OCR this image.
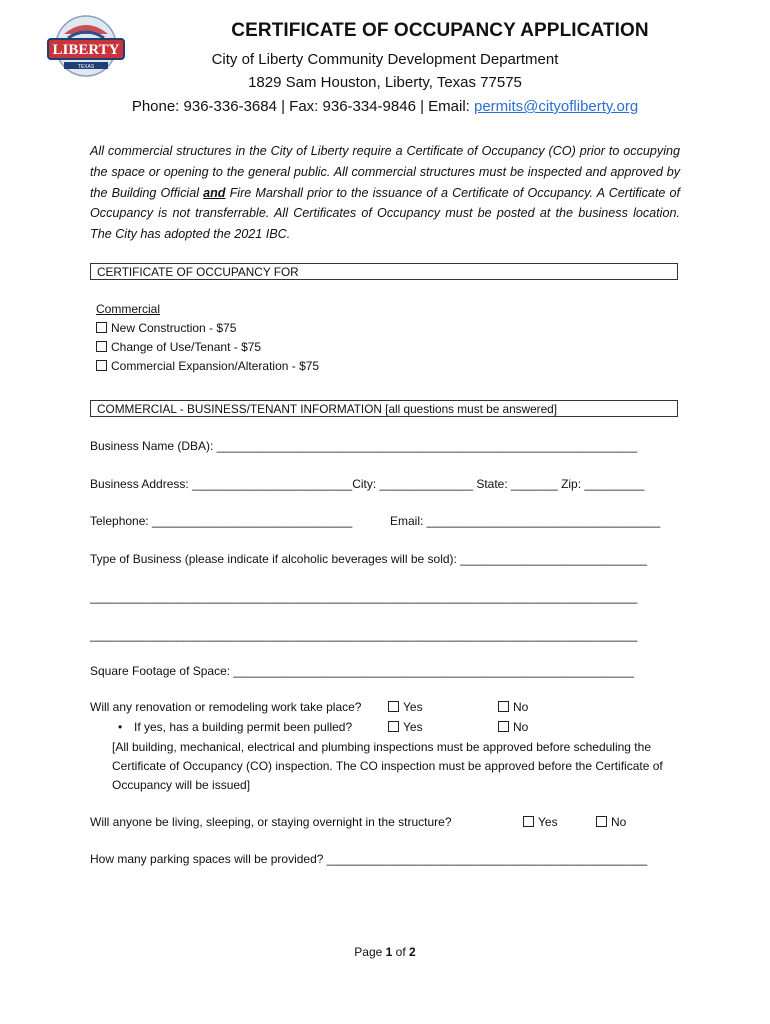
LIBERTY
TEXAS
CERTIFICATE OF OCCUPANCY APPLICATION
City of Liberty Community Development Department
1829 Sam Houston, Liberty, Texas 77575
Phone: 936-336-3684 | Fax: 936-334-9846 | Email: permits@cityofliberty.org
All commercial structures in the City of Liberty require a Certificate of Occupancy (CO) prior to occupying the space or opening to the general public. All commercial structures must be inspected and approved by the Building Official and Fire Marshall prior to the issuance of a Certificate of Occupancy. A Certificate of Occupancy is not transferrable. All Certificates of Occupancy must be posted at the business location. The City has adopted the 2021 IBC.
CERTIFICATE OF OCCUPANCY FOR
Commercial
New Construction - $75
Change of Use/Tenant - $75
Commercial Expansion/Alteration - $75
COMMERCIAL - BUSINESS/TENANT INFORMATION [all questions must be answered]
Business Name (DBA): _______________________________________________________________
Business Address: ________________________City: ______________ State: _______ Zip: _________
Telephone: ______________________________	Email: ___________________________________
Type of Business (please indicate if alcoholic beverages will be sold): ____________________________
__________________________________________________________________________________
__________________________________________________________________________________
Square Footage of Space: ____________________________________________________________
Will any renovation or remodeling work take place?	Yes	No
• If yes, has a building permit been pulled?	Yes	No
[All building, mechanical, electrical and plumbing inspections must be approved before scheduling the Certificate of Occupancy (CO) inspection. The CO inspection must be approved before the Certificate of Occupancy will be issued]
Will anyone be living, sleeping, or staying overnight in the structure?	Yes	No
How many parking spaces will be provided? ________________________________________________
Page 1 of 2
